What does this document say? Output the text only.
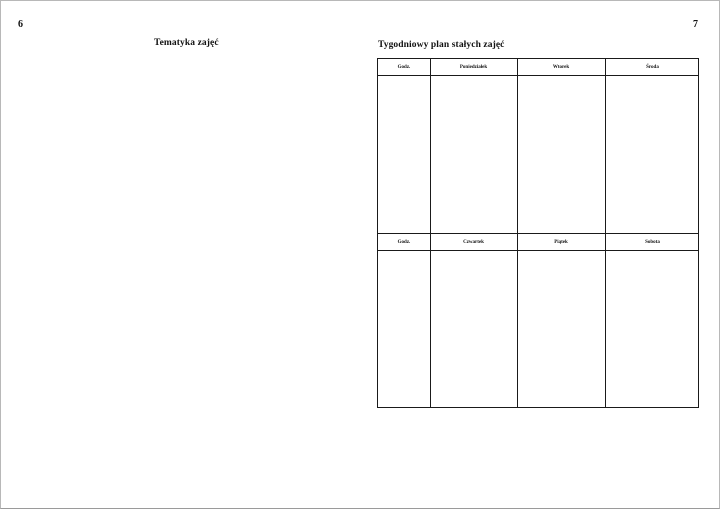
6	7
Tematyka zajęć	Tygodniowy plan stałych zajęć
Godz.	Poniedziałek	Wtorek	Środa
Godz.	Czwartek	Piątek	Sobota
